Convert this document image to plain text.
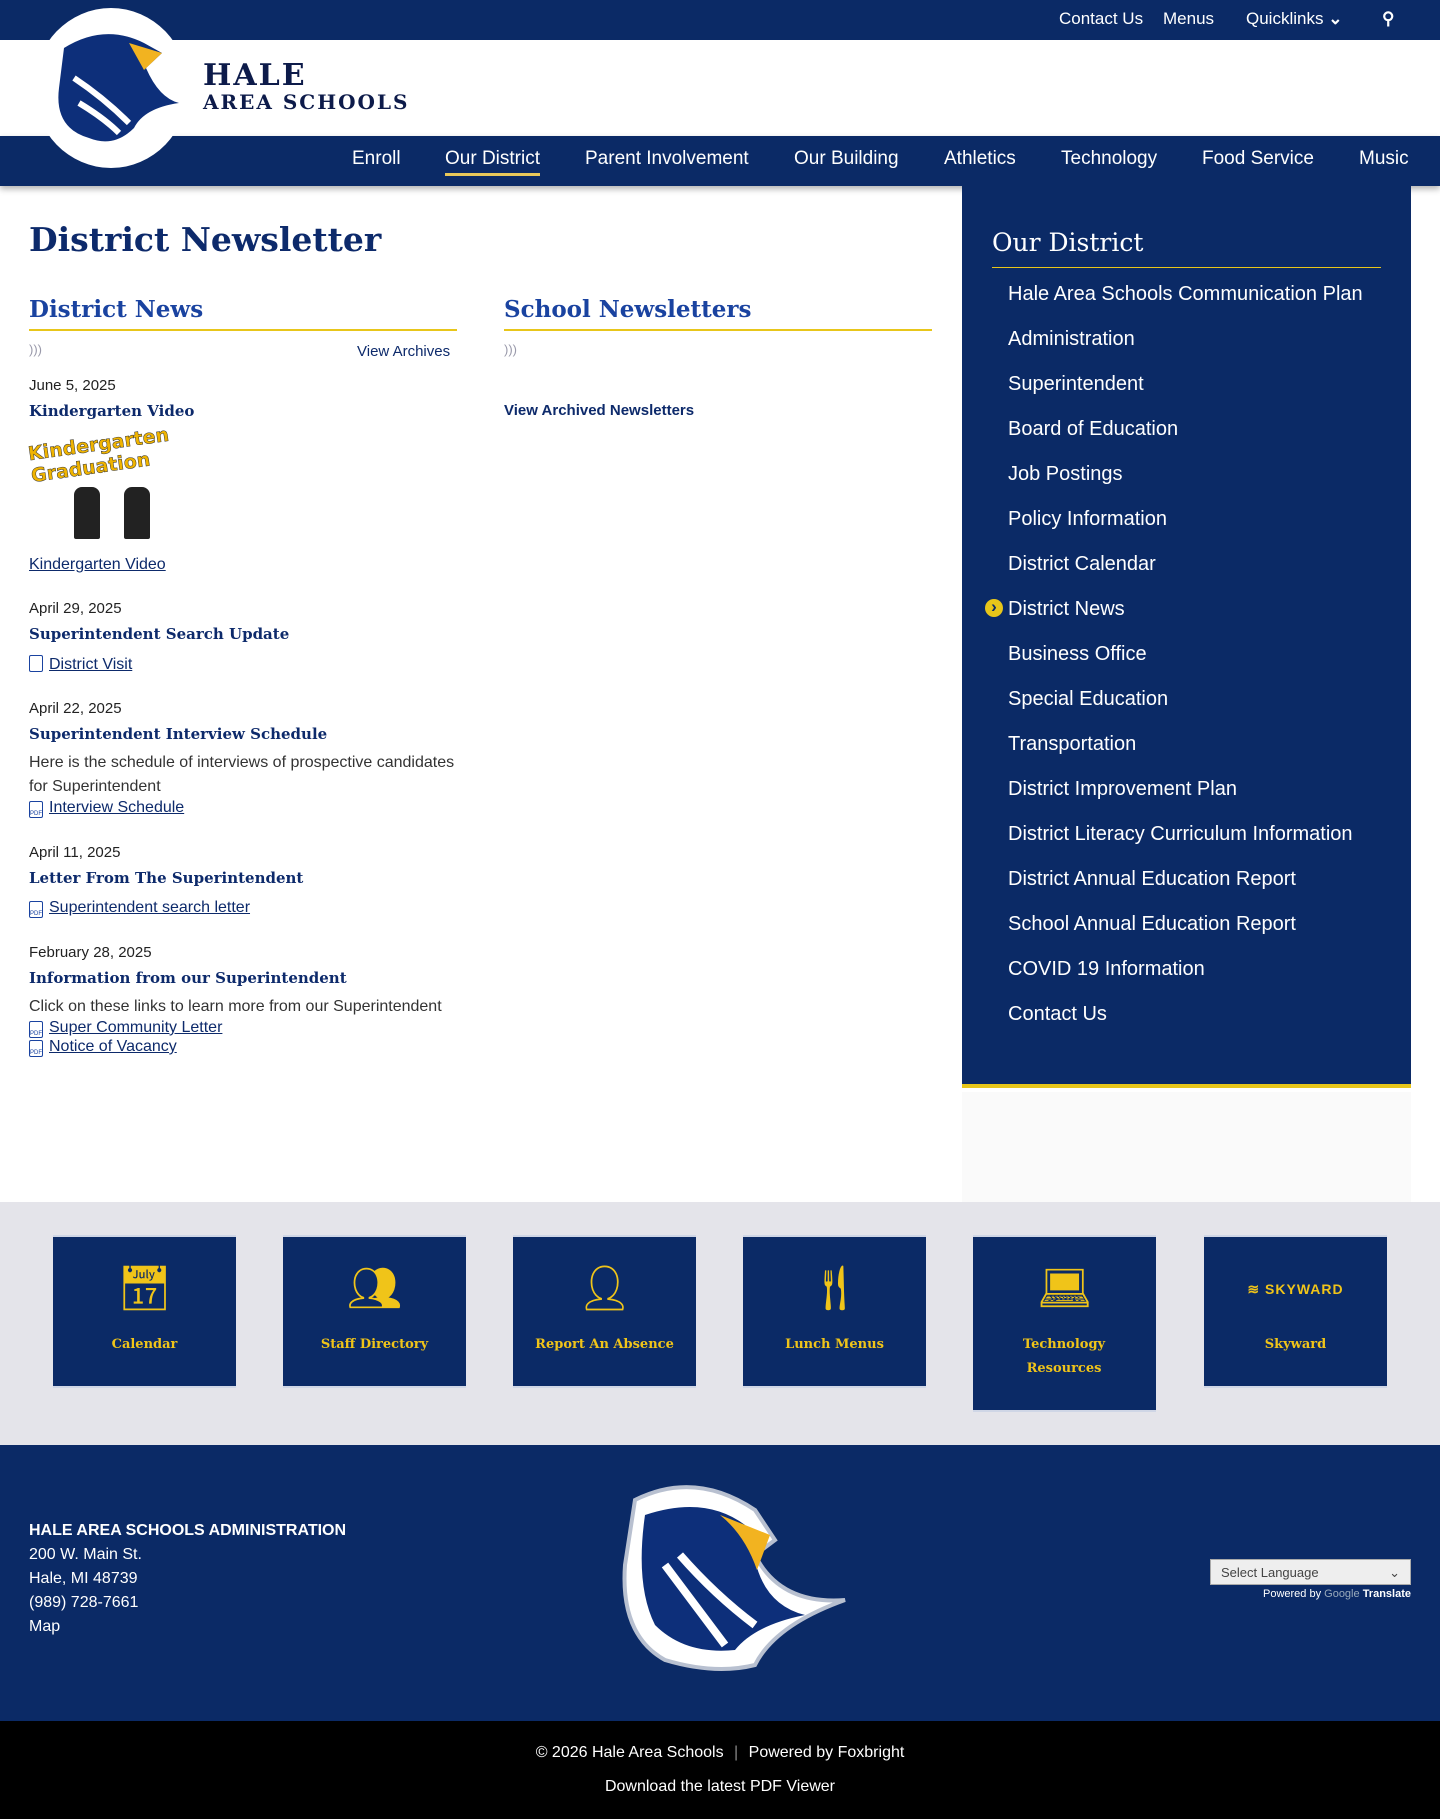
Contact Us Menus Quicklinks ⌄ ⚲
HALE
AREA SCHOOLS
Enroll Our District Parent Involvement Our Building Athletics Technology Food Service Music
District Newsletter
District News
)))	View Archives
June 5, 2025
Kindergarten Video
Kindergarten Graduation
Kindergarten Video
April 29, 2025
Superintendent Search Update
District Visit
April 22, 2025
Superintendent Interview Schedule
Here is the schedule of interviews of prospective candidates for Superintendent
PDF Interview Schedule
April 11, 2025
Letter From The Superintendent
PDF Superintendent search letter
February 28, 2025
Information from our Superintendent
Click on these links to learn more from our Superintendent
PDF Super Community Letter
PDF Notice of Vacancy
School Newsletters
)))
View Archived Newsletters
Our District
Hale Area Schools Communication Plan
Administration
Superintendent
Board of Education
Job Postings
Policy Information
District Calendar
› District News
Business Office
Special Education
Transportation
District Improvement Plan
District Literacy Curriculum Information
District Annual Education Report
School Annual Education Report
COVID 19 Information
Contact Us
📅︎
Calendar
👥︎
Staff Directory
👤︎
Report An Absence
🍴︎
Lunch Menus
💻︎
Technology Resources
≋ SKYWARD
Skyward
HALE AREA SCHOOLS ADMINISTRATION
200 W. Main St.
Hale, MI 48739
(989) 728-7661
Map
Select Language	⌄
Powered by Google Translate
© 2026 Hale Area Schools | Powered by Foxbright
Download the latest PDF Viewer
